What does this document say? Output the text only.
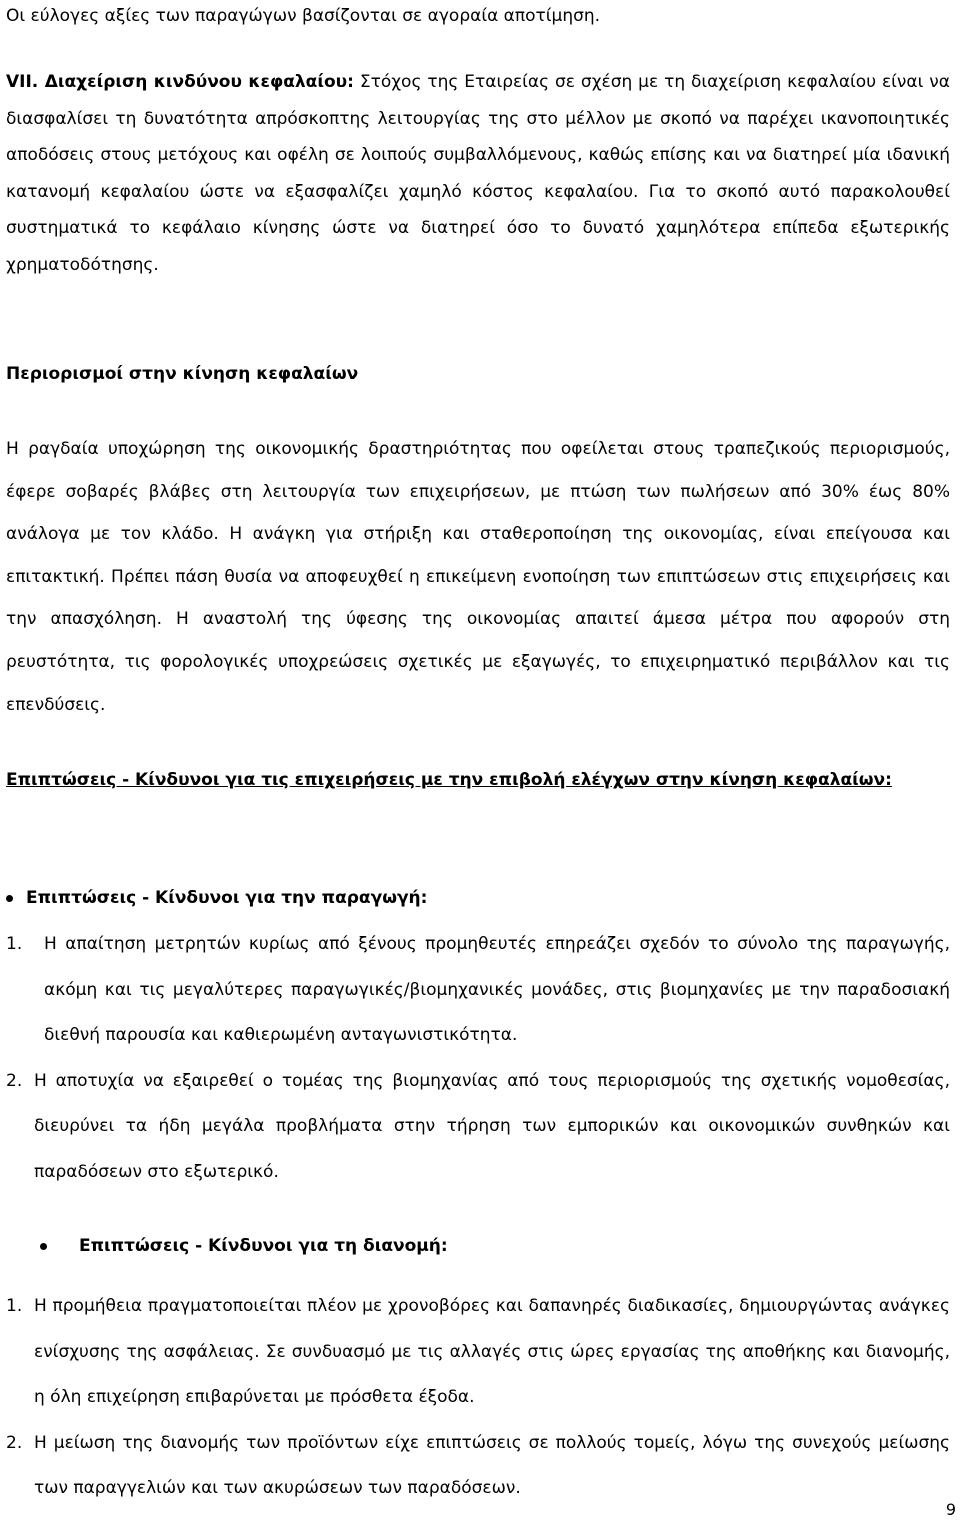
Οι εύλογες αξίες των παραγώγων βασίζονται σε αγοραία αποτίμηση.

VII. Διαχείριση κινδύνου κεφαλαίου: Στόχος της Εταιρείας σε σχέση με τη διαχείριση κεφαλαίου είναι να διασφαλίσει τη δυνατότητα απρόσκοπτης λειτουργίας της στο μέλλον με σκοπό να παρέχει ικανοποιητικές αποδόσεις στους μετόχους και οφέλη σε λοιπούς συμβαλλόμενους, καθώς επίσης και να διατηρεί μία ιδανική κατανομή κεφαλαίου ώστε να εξασφαλίζει χαμηλό κόστος κεφαλαίου. Για το σκοπό αυτό παρακολουθεί συστηματικά το κεφάλαιο κίνησης ώστε να διατηρεί όσο το δυνατό χαμηλότερα επίπεδα εξωτερικής χρηματοδότησης.

Περιορισμοί στην κίνηση κεφαλαίων

Η ραγδαία υποχώρηση της οικονομικής δραστηριότητας που οφείλεται στους τραπεζικούς περιορισμούς, έφερε σοβαρές βλάβες στη λειτουργία των επιχειρήσεων, με πτώση των πωλήσεων από 30% έως 80% ανάλογα με τον κλάδο. Η ανάγκη για στήριξη και σταθεροποίηση της οικονομίας, είναι επείγουσα και επιτακτική. Πρέπει πάση θυσία να αποφευχθεί η επικείμενη ενοποίηση των επιπτώσεων στις επιχειρήσεις και την απασχόληση. Η αναστολή της ύφεσης της οικονομίας απαιτεί άμεσα μέτρα που αφορούν στη ρευστότητα, τις φορολογικές υποχρεώσεις σχετικές με εξαγωγές, το επιχειρηματικό περιβάλλον και τις επενδύσεις.

Επιπτώσεις - Κίνδυνοι για τις επιχειρήσεις με την επιβολή ελέγχων στην κίνηση κεφαλαίων:

Επιπτώσεις - Κίνδυνοι για την παραγωγή:
1.	Η απαίτηση μετρητών κυρίως από ξένους προμηθευτές επηρεάζει σχεδόν το σύνολο της παραγωγής, ακόμη και τις μεγαλύτερες παραγωγικές/βιομηχανικές μονάδες, στις βιομηχανίες με την παραδοσιακή διεθνή παρουσία και καθιερωμένη ανταγωνιστικότητα.
2. Η αποτυχία να εξαιρεθεί ο τομέας της βιομηχανίας από τους περιορισμούς της σχετικής νομοθεσίας, διευρύνει τα ήδη μεγάλα προβλήματα στην τήρηση των εμπορικών και οικονομικών συνθηκών και παραδόσεων στο εξωτερικό.
Επιπτώσεις - Κίνδυνοι για τη διανομή:
1. Η προμήθεια πραγματοποιείται πλέον με χρονοβόρες και δαπανηρές διαδικασίες, δημιουργώντας ανάγκες ενίσχυσης της ασφάλειας. Σε συνδυασμό με τις αλλαγές στις ώρες εργασίας της αποθήκης και διανομής, η όλη επιχείρηση επιβαρύνεται με πρόσθετα έξοδα.
2. Η μείωση της διανομής των προϊόντων είχε επιπτώσεις σε πολλούς τομείς, λόγω της συνεχούς μείωσης των παραγγελιών και των ακυρώσεων των παραδόσεων.
9
